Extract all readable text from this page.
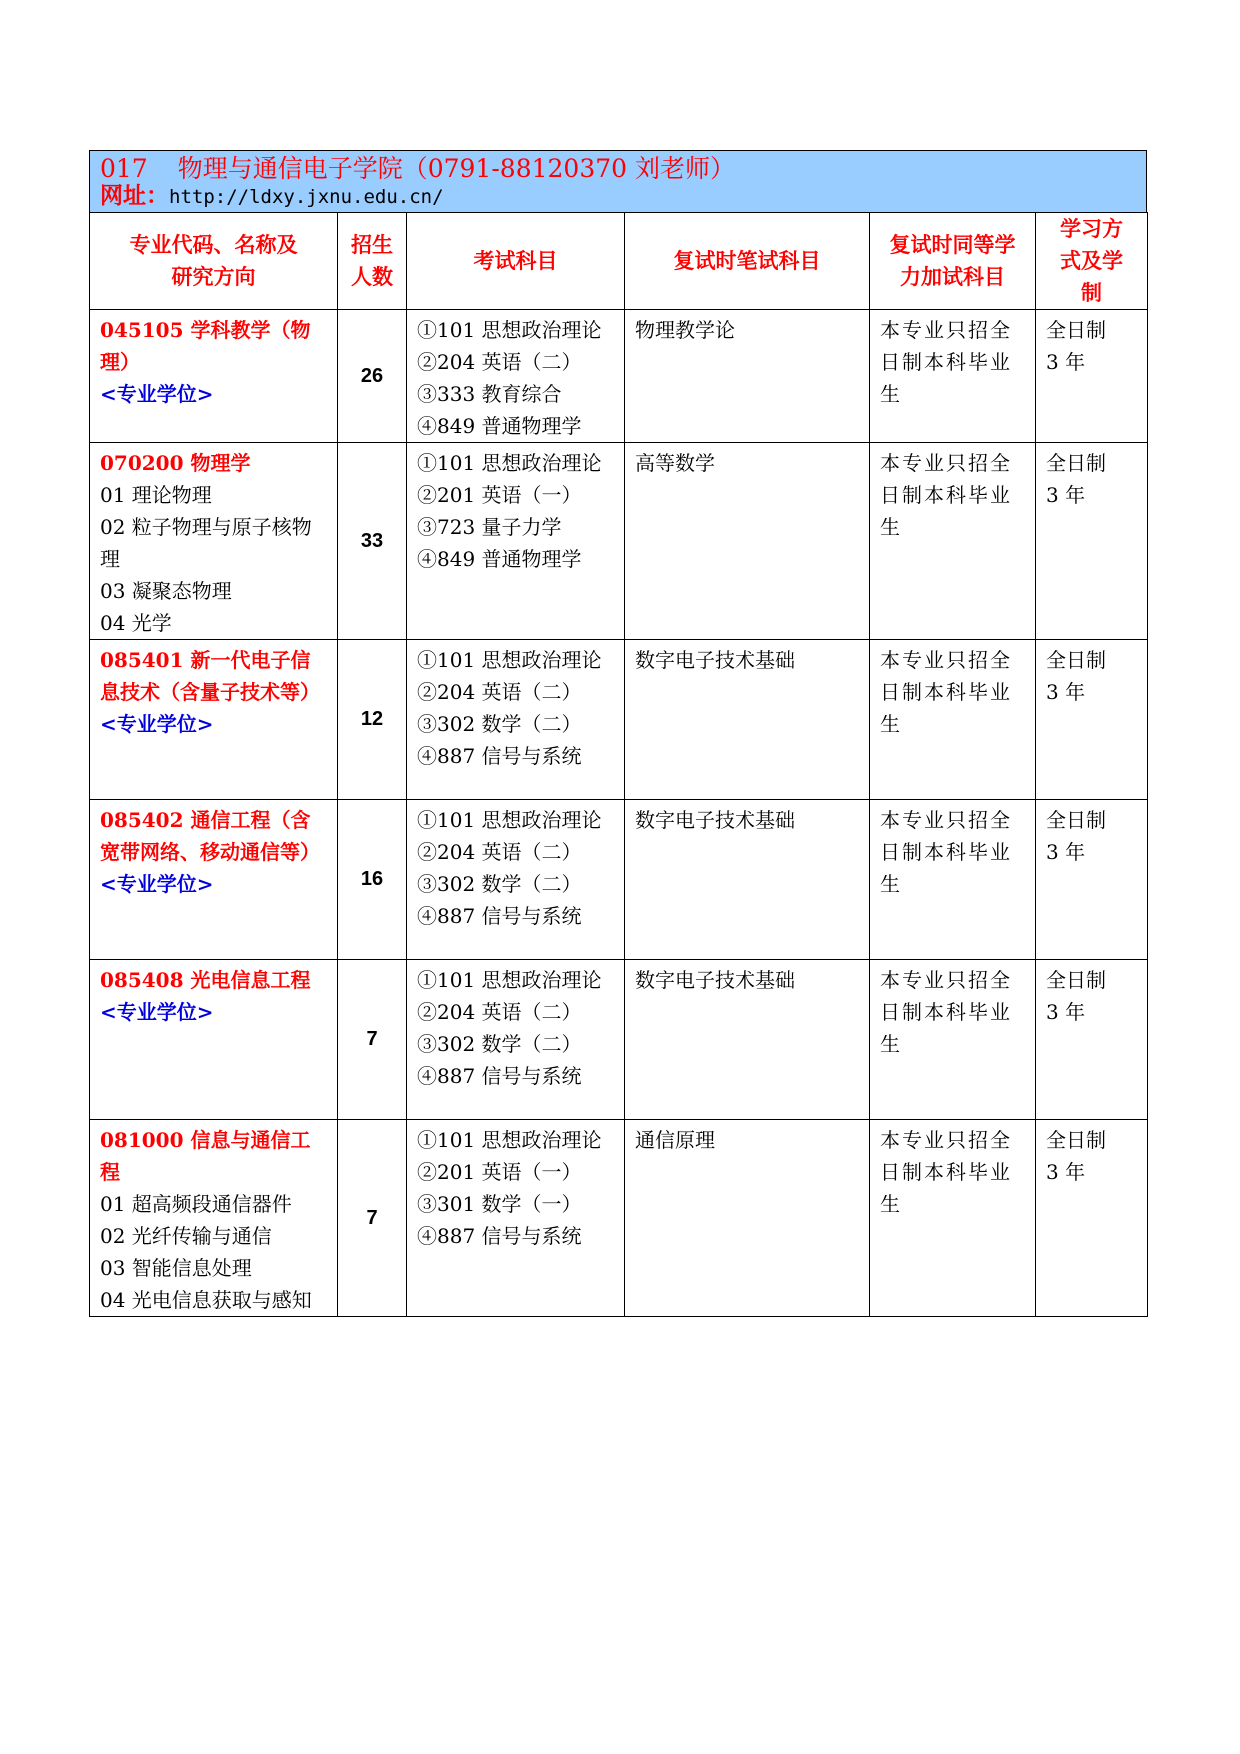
017 物理与通信电子学院（0791-88120370 刘老师）
网址：http://ldxy.jxnu.edu.cn/
专业代码、名称及研究方向	招生人数	考试科目	复试时笔试科目	复试时同等学力加试科目	学习方式及学制

045105 学科教学（物理）
<专业学位>	26	①101 思想政治理论
②204 英语（二）
③333 教育综合
④849 普通物理学	物理教学论	本专业只招全日制本科毕业生	全日制
3 年

070200 物理学
01 理论物理
02 粒子物理与原子核物理
03 凝聚态物理
04 光学	33	①101 思想政治理论
②201 英语（一）
③723 量子力学
④849 普通物理学	高等数学	本专业只招全日制本科毕业生	全日制
3 年

085401 新一代电子信息技术（含量子技术等）
<专业学位>	12	①101 思想政治理论
②204 英语（二）
③302 数学（二）
④887 信号与系统	数字电子技术基础	本专业只招全日制本科毕业生	全日制
3 年

085402 通信工程（含宽带网络、移动通信等）
<专业学位>	16	①101 思想政治理论
②204 英语（二）
③302 数学（二）
④887 信号与系统	数字电子技术基础	本专业只招全日制本科毕业生	全日制
3 年

085408 光电信息工程
<专业学位>	7	①101 思想政治理论
②204 英语（二）
③302 数学（二）
④887 信号与系统	数字电子技术基础	本专业只招全日制本科毕业生	全日制
3 年

081000 信息与通信工程
01 超高频段通信器件
02 光纤传输与通信
03 智能信息处理
04 光电信息获取与感知	7	①101 思想政治理论
②201 英语（一）
③301 数学（一）
④887 信号与系统	通信原理	本专业只招全日制本科毕业生	全日制
3 年
